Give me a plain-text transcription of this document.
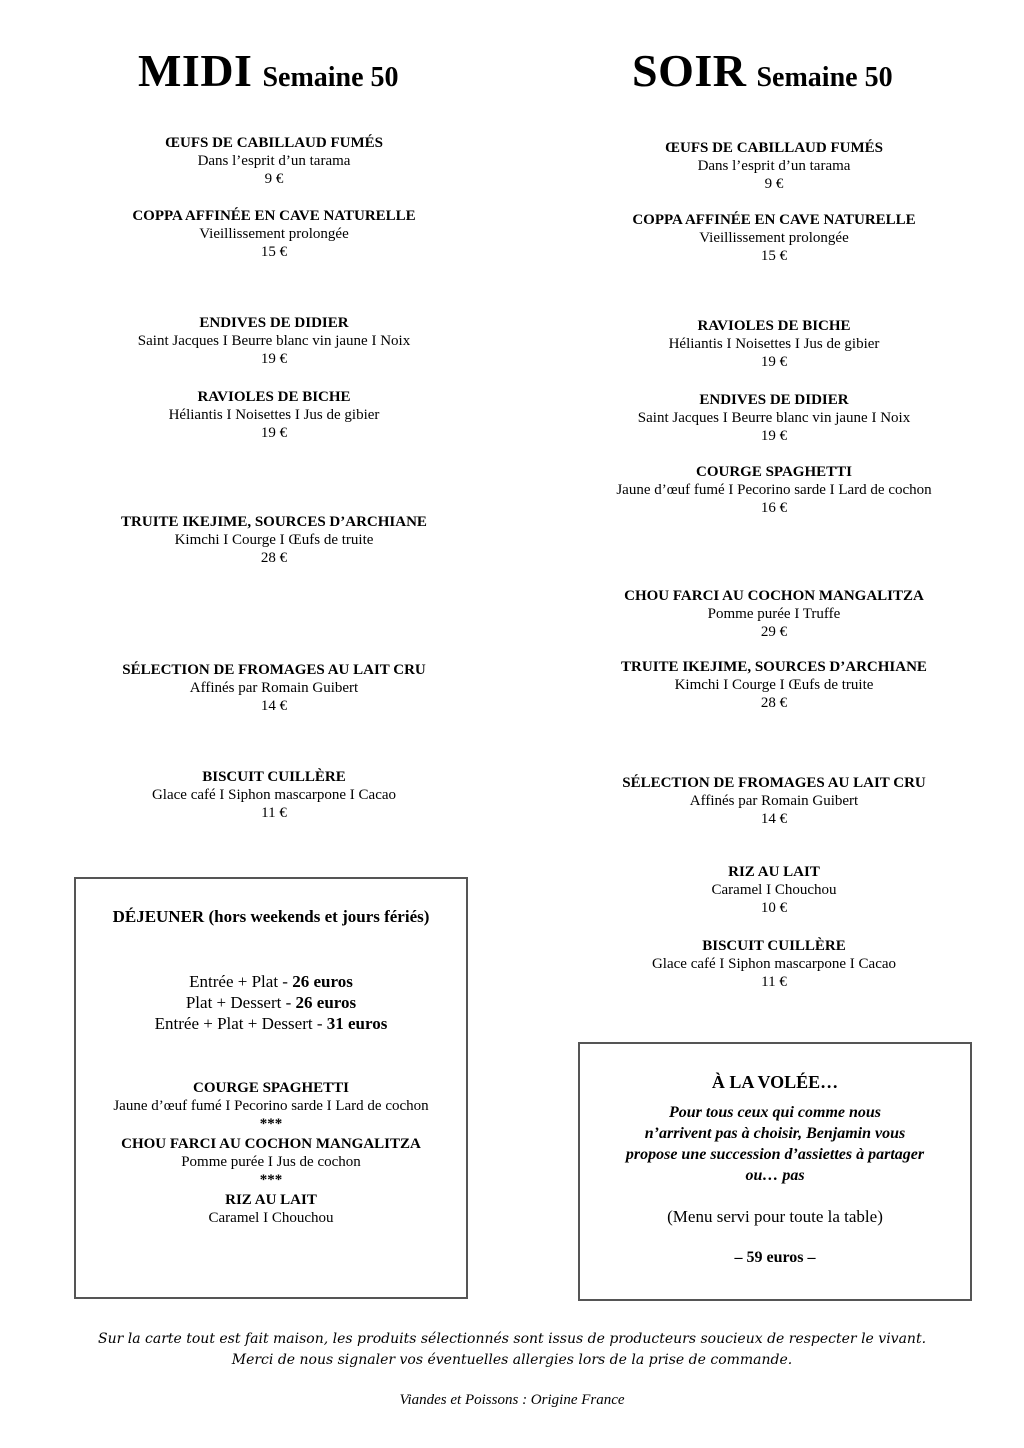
MIDI Semaine 50	SOIR Semaine 50
ŒUFS DE CABILLAUD FUMÉS
Dans l’esprit d’un tarama
9 €
COPPA AFFINÉE EN CAVE NATURELLE
Vieillissement prolongée
15 €
ENDIVES DE DIDIER
Saint Jacques I Beurre blanc vin jaune I Noix
19 €
RAVIOLES DE BICHE
Héliantis I Noisettes I Jus de gibier
19 €
TRUITE IKEJIME, SOURCES D’ARCHIANE
Kimchi I Courge I Œufs de truite
28 €
SÉLECTION DE FROMAGES AU LAIT CRU
Affinés par Romain Guibert
14 €
BISCUIT CUILLÈRE
Glace café I Siphon mascarpone I Cacao
11 €
ŒUFS DE CABILLAUD FUMÉS
Dans l’esprit d’un tarama
9 €
COPPA AFFINÉE EN CAVE NATURELLE
Vieillissement prolongée
15 €
RAVIOLES DE BICHE
Héliantis I Noisettes I Jus de gibier
19 €
ENDIVES DE DIDIER
Saint Jacques I Beurre blanc vin jaune I Noix
19 €
COURGE SPAGHETTI
Jaune d’œuf fumé I Pecorino sarde I Lard de cochon
16 €
CHOU FARCI AU COCHON MANGALITZA
Pomme purée I Truffe
29 €
TRUITE IKEJIME, SOURCES D’ARCHIANE
Kimchi I Courge I Œufs de truite
28 €
SÉLECTION DE FROMAGES AU LAIT CRU
Affinés par Romain Guibert
14 €
RIZ AU LAIT
Caramel I Chouchou
10 €
BISCUIT CUILLÈRE
Glace café I Siphon mascarpone I Cacao
11 €
DÉJEUNER (hors weekends et jours fériés)
Entrée + Plat - 26 euros
Plat + Dessert - 26 euros
Entrée + Plat + Dessert - 31 euros
COURGE SPAGHETTI
Jaune d’œuf fumé I Pecorino sarde I Lard de cochon
***
CHOU FARCI AU COCHON MANGALITZA
Pomme purée I Jus de cochon
***
RIZ AU LAIT
Caramel I Chouchou
À LA VOLÉE…
Pour tous ceux qui comme nous
n’arrivent pas à choisir, Benjamin vous
propose une succession d’assiettes à partager
ou… pas
(Menu servi pour toute la table)
– 59 euros –
Sur la carte tout est fait maison, les produits sélectionnés sont issus de producteurs soucieux de respecter le vivant.
Merci de nous signaler vos éventuelles allergies lors de la prise de commande.
Viandes et Poissons : Origine France
